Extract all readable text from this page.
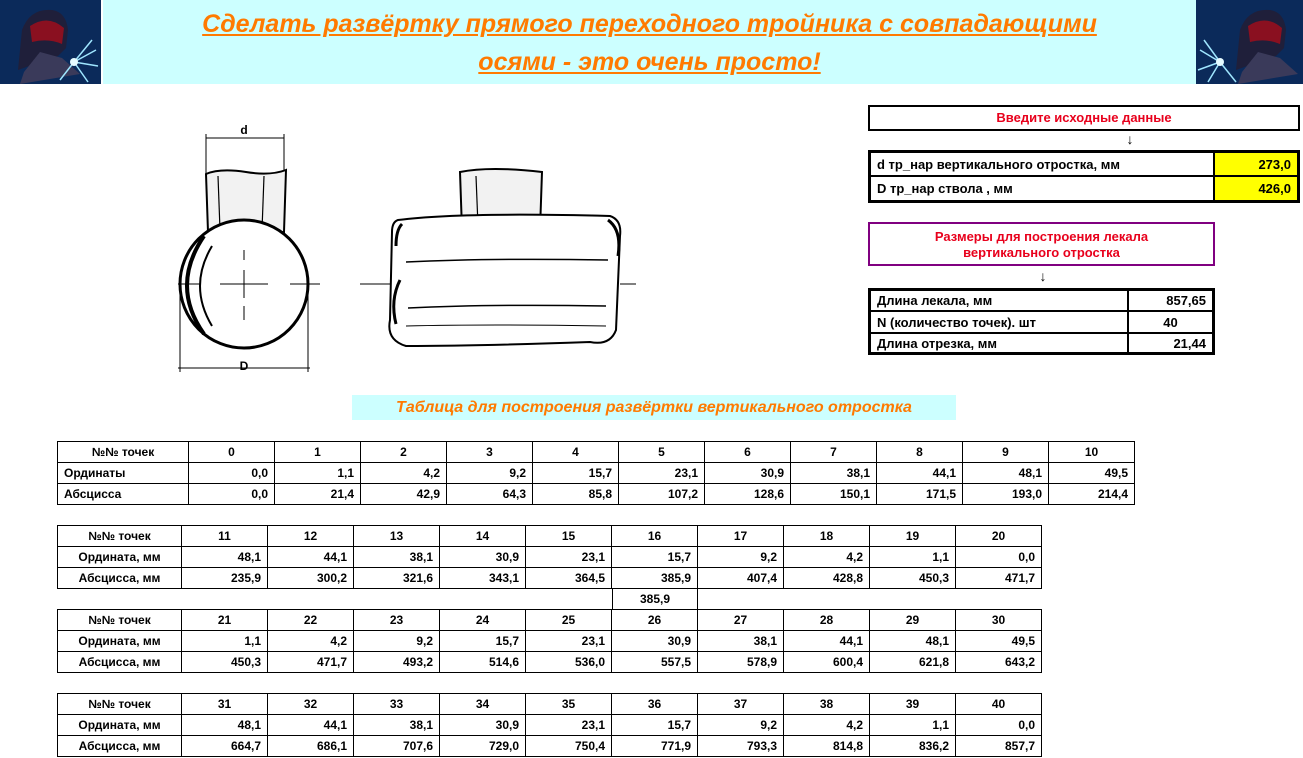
Сделать развёртку прямого переходного тройника с совпадающими
осями - это очень просто!
d
D
Введите исходные данные
↓
d тр_нар вертикального отростка, мм	273,0
D тр_нар ствола , мм	426,0
Размеры для построения лекала
вертикального отростка
↓
Длина лекала, мм	857,65
N (количество точек). шт	40
Длина отрезка, мм	21,44
Таблица для построения развёртки вертикального отростка
№№ точек	0	1	2	3	4	5	6	7	8	9	10
Ординаты	0,0	1,1	4,2	9,2	15,7	23,1	30,9	38,1	44,1	48,1	49,5
Абсцисса	0,0	21,4	42,9	64,3	85,8	107,2	128,6	150,1	171,5	193,0	214,4
№№ точек	11	12	13	14	15	16	17	18	19	20
Ордината, мм	48,1	44,1	38,1	30,9	23,1	15,7	9,2	4,2	1,1	0,0
Абсцисса, мм	235,9	300,2	321,6	343,1	364,5	385,9	407,4	428,8	450,3	471,7
385,9
№№ точек	21	22	23	24	25	26	27	28	29	30
Ордината, мм	1,1	4,2	9,2	15,7	23,1	30,9	38,1	44,1	48,1	49,5
Абсцисса, мм	450,3	471,7	493,2	514,6	536,0	557,5	578,9	600,4	621,8	643,2
№№ точек	31	32	33	34	35	36	37	38	39	40
Ордината, мм	48,1	44,1	38,1	30,9	23,1	15,7	9,2	4,2	1,1	0,0
Абсцисса, мм	664,7	686,1	707,6	729,0	750,4	771,9	793,3	814,8	836,2	857,7
